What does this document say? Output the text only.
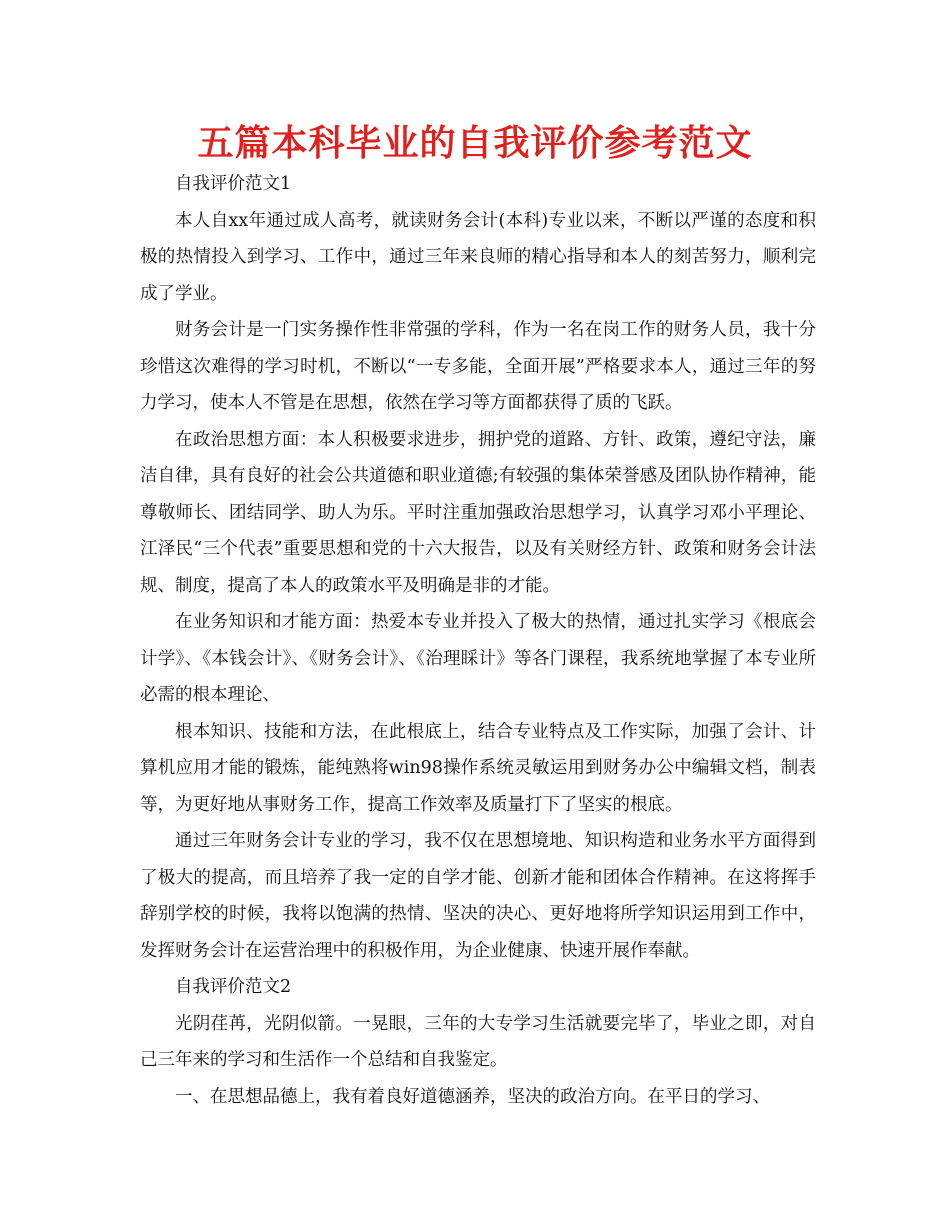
五篇本科毕业的自我评价参考范文

自我评价范文1

本人自xx年通过成人高考，就读财务会计(本科)专业以来，不断以严谨的态度和积极的热情投入到学习、工作中，通过三年来良师的精心指导和本人的刻苦努力，顺利完成了学业。

财务会计是一门实务操作性非常强的学科，作为一名在岗工作的财务人员，我十分珍惜这次难得的学习时机，不断以“一专多能，全面开展”严格要求本人，通过三年的努力学习，使本人不管是在思想，依然在学习等方面都获得了质的飞跃。

在政治思想方面：本人积极要求进步，拥护党的道路、方针、政策，遵纪守法，廉洁自律，具有良好的社会公共道德和职业道德;有较强的集体荣誉感及团队协作精神，能尊敬师长、团结同学、助人为乐。平时注重加强政治思想学习，认真学习邓小平理论、江泽民“三个代表”重要思想和党的十六大报告，以及有关财经方针、政策和财务会计法规、制度，提高了本人的政策水平及明确是非的才能。

在业务知识和才能方面：热爱本专业并投入了极大的热情，通过扎实学习《根底会计学》、《本钱会计》、《财务会计》、《治理睬计》等各门课程，我系统地掌握了本专业所必需的根本理论、

根本知识、技能和方法，在此根底上，结合专业特点及工作实际，加强了会计、计算机应用才能的锻炼，能纯熟将win98操作系统灵敏运用到财务办公中编辑文档，制表等，为更好地从事财务工作，提高工作效率及质量打下了坚实的根底。

通过三年财务会计专业的学习，我不仅在思想境地、知识构造和业务水平方面得到了极大的提高，而且培养了我一定的自学才能、创新才能和团体合作精神。在这将挥手辞别学校的时候，我将以饱满的热情、坚决的决心、更好地将所学知识运用到工作中，发挥财务会计在运营治理中的积极作用，为企业健康、快速开展作奉献。

自我评价范文2

光阴荏苒，光阴似箭。一晃眼，三年的大专学习生活就要完毕了，毕业之即，对自己三年来的学习和生活作一个总结和自我鉴定。

一、在思想品德上，我有着良好道德涵养，坚决的政治方向。在平日的学习、
